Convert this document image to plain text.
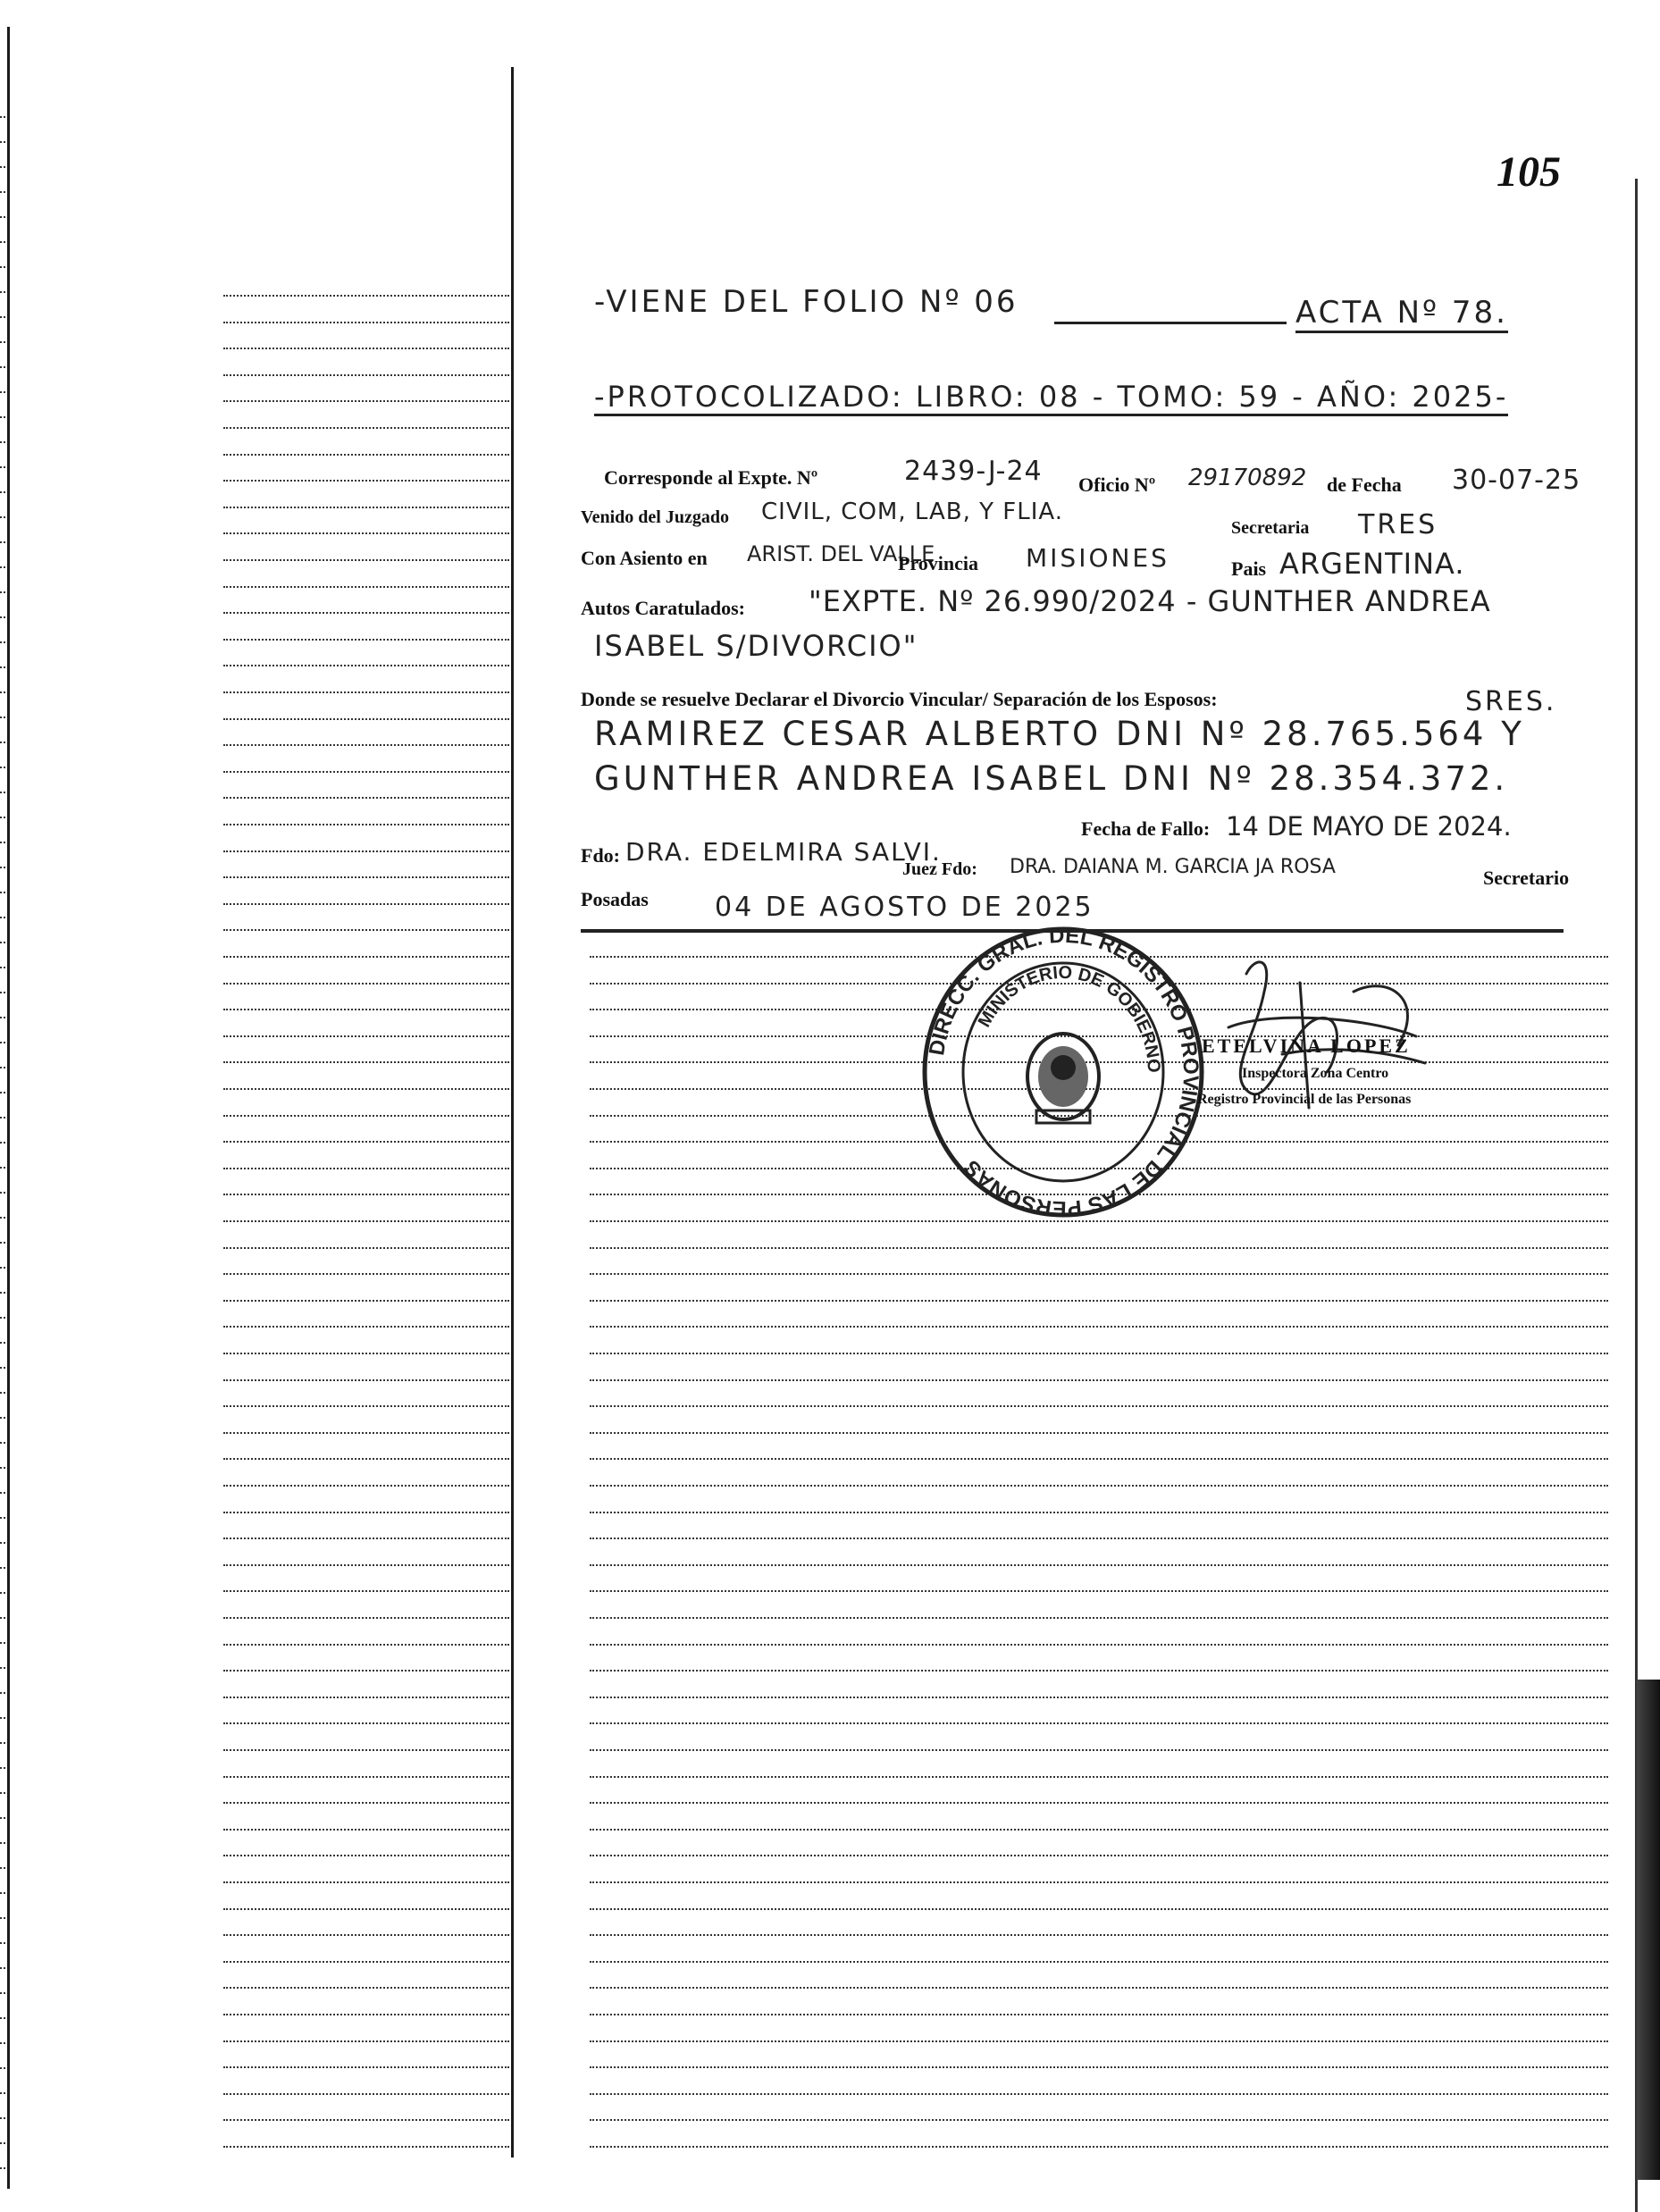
105
-VIENE DEL FOLIO Nº 06	ACTA Nº 78.
-PROTOCOLIZADO: LIBRO: 08 - TOMO: 59 - AÑO: 2025-
Corresponde al Expte. Nº	2439-J-24 Oficio Nº 29170892 de Fecha 30-07-25
Venido del Juzgado CIVIL, COM, LAB, Y FLIA.
Secretaria TRES
Con Asiento en ARIST. DEL VALLE
Provincia MISIONES	Pais ARGENTINA.
Autos Caratulados: "EXPTE. Nº 26.990/2024 - GUNTHER ANDREA
ISABEL S/DIVORCIO"
Donde se resuelve Declarar el Divorcio Vincular/ Separación de los Esposos:	SRES.
RAMIREZ CESAR ALBERTO DNI Nº 28.765.564 Y
GUNTHER ANDREA ISABEL DNI Nº 28.354.372.
Fecha de Fallo: 14 DE MAYO DE 2024.
Fdo: DRA. EDELMIRA SALVI.
Juez Fdo: DRA. DAIANA M. GARCIA JA ROSA	Secretario
Posadas 04 DE AGOSTO DE 2025
DIRECC. GRAL. DEL REGISTRO PROVINCIAL DE LAS PERSONAS
MINISTERIO DE GOBIERNO
ETELVINA LOPEZ
Inspectora Zona Centro
Registro Provincial de las Personas
